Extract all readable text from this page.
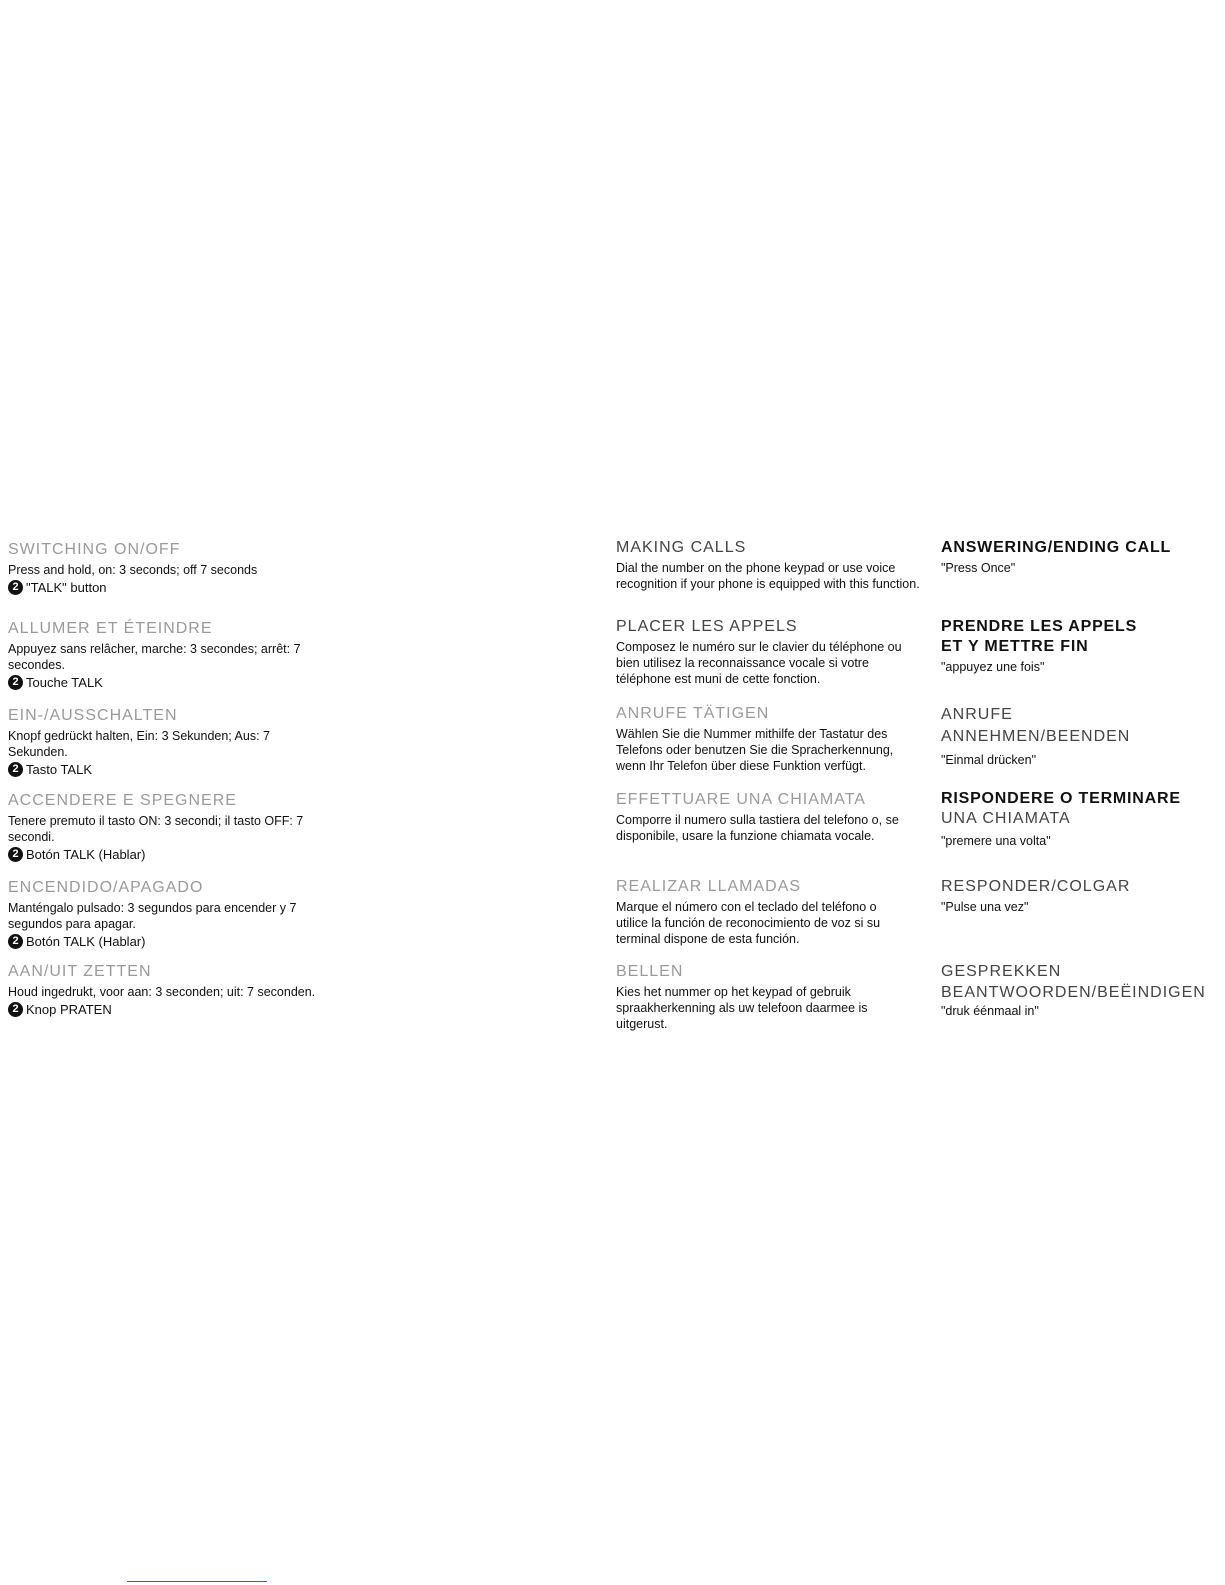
SWITCHING ON/OFF
Press and hold, on: 3 seconds; off 7 seconds
2 "TALK" button
ALLUMER ET ÉTEINDRE
Appuyez sans relâcher, marche: 3 secondes; arrêt: 7 secondes.
2 Touche TALK
EIN-/AUSSCHALTEN
Knopf gedrückt halten, Ein: 3 Sekunden; Aus: 7 Sekunden.
2 Tasto TALK
ACCENDERE E SPEGNERE
Tenere premuto il tasto ON: 3 secondi; il tasto OFF: 7 secondi.
2 Botón TALK (Hablar)
ENCENDIDO/APAGADO
Manténgalo pulsado: 3 segundos para encender y 7 segundos para apagar.
2 Botón TALK (Hablar)
AAN/UIT ZETTEN
Houd ingedrukt, voor aan: 3 seconden; uit: 7 seconden.
2 Knop PRATEN
MAKING CALLS
Dial the number on the phone keypad or use voice recognition if your phone is equipped with this function.
PLACER LES APPELS
Composez le numéro sur le clavier du téléphone ou bien utilisez la reconnaissance vocale si votre téléphone est muni de cette fonction.
ANRUFE TÄTIGEN
Wählen Sie die Nummer mithilfe der Tastatur des Telefons oder benutzen Sie die Spracherkennung, wenn Ihr Telefon über diese Funktion verfügt.
EFFETTUARE UNA CHIAMATA
Comporre il numero sulla tastiera del telefono o, se disponibile, usare la funzione chiamata vocale.
REALIZAR LLAMADAS
Marque el número con el teclado del teléfono o utilice la función de reconocimiento de voz si su terminal dispone de esta función.
BELLEN
Kies het nummer op het keypad of gebruik spraakherkenning als uw telefoon daarmee is uitgerust.
ANSWERING/ENDING CALL
"Press Once"
PRENDRE LES APPELS
ET Y METTRE FIN
"appuyez une fois"
ANRUFE
ANNEHMEN/BEENDEN
"Einmal drücken"
RISPONDERE O TERMINARE
UNA CHIAMATA
"premere una volta"
RESPONDER/COLGAR
"Pulse una vez"
GESPREKKEN
BEANTWOORDEN/BEËINDIGEN
"druk éénmaal in"
